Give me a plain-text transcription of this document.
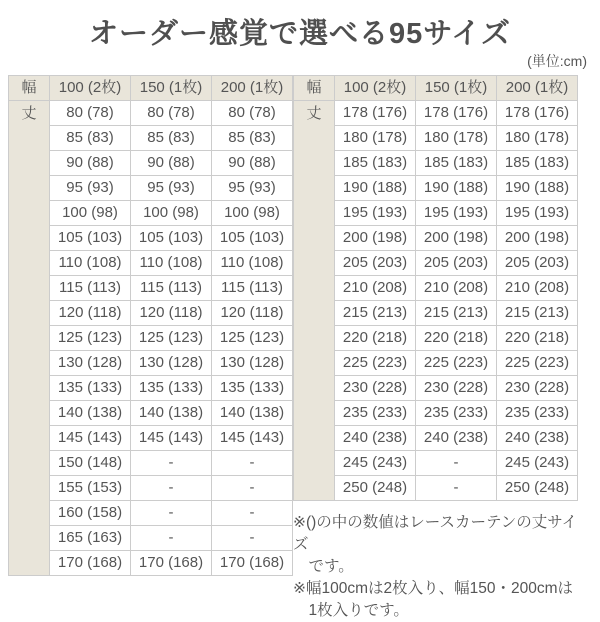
オーダー感覚で選べる95サイズ
(単位:cm)
幅	100 (2枚)	150 (1枚)	200 (1枚)
丈	80 (78)	80 (78)	80 (78)
	85 (83)	85 (83)	85 (83)
	90 (88)	90 (88)	90 (88)
	95 (93)	95 (93)	95 (93)
	100 (98)	100 (98)	100 (98)
	105 (103)	105 (103)	105 (103)
	110 (108)	110 (108)	110 (108)
	115 (113)	115 (113)	115 (113)
	120 (118)	120 (118)	120 (118)
	125 (123)	125 (123)	125 (123)
	130 (128)	130 (128)	130 (128)
	135 (133)	135 (133)	135 (133)
	140 (138)	140 (138)	140 (138)
	145 (143)	145 (143)	145 (143)
	150 (148)	-	-
	155 (153)	-	-
	160 (158)	-	-
	165 (163)	-	-
	170 (168)	170 (168)	170 (168)
幅	100 (2枚)	150 (1枚)	200 (1枚)
丈	178 (176)	178 (176)	178 (176)
	180 (178)	180 (178)	180 (178)
	185 (183)	185 (183)	185 (183)
	190 (188)	190 (188)	190 (188)
	195 (193)	195 (193)	195 (193)
	200 (198)	200 (198)	200 (198)
	205 (203)	205 (203)	205 (203)
	210 (208)	210 (208)	210 (208)
	215 (213)	215 (213)	215 (213)
	220 (218)	220 (218)	220 (218)
	225 (223)	225 (223)	225 (223)
	230 (228)	230 (228)	230 (228)
	235 (233)	235 (233)	235 (233)
	240 (238)	240 (238)	240 (238)
	245 (243)	-	245 (243)
	250 (248)	-	250 (248)
※()の中の数値はレースカーテンの丈サイズ
です。
※幅100cmは2枚入り、幅150・200cmは
1枚入りです。
